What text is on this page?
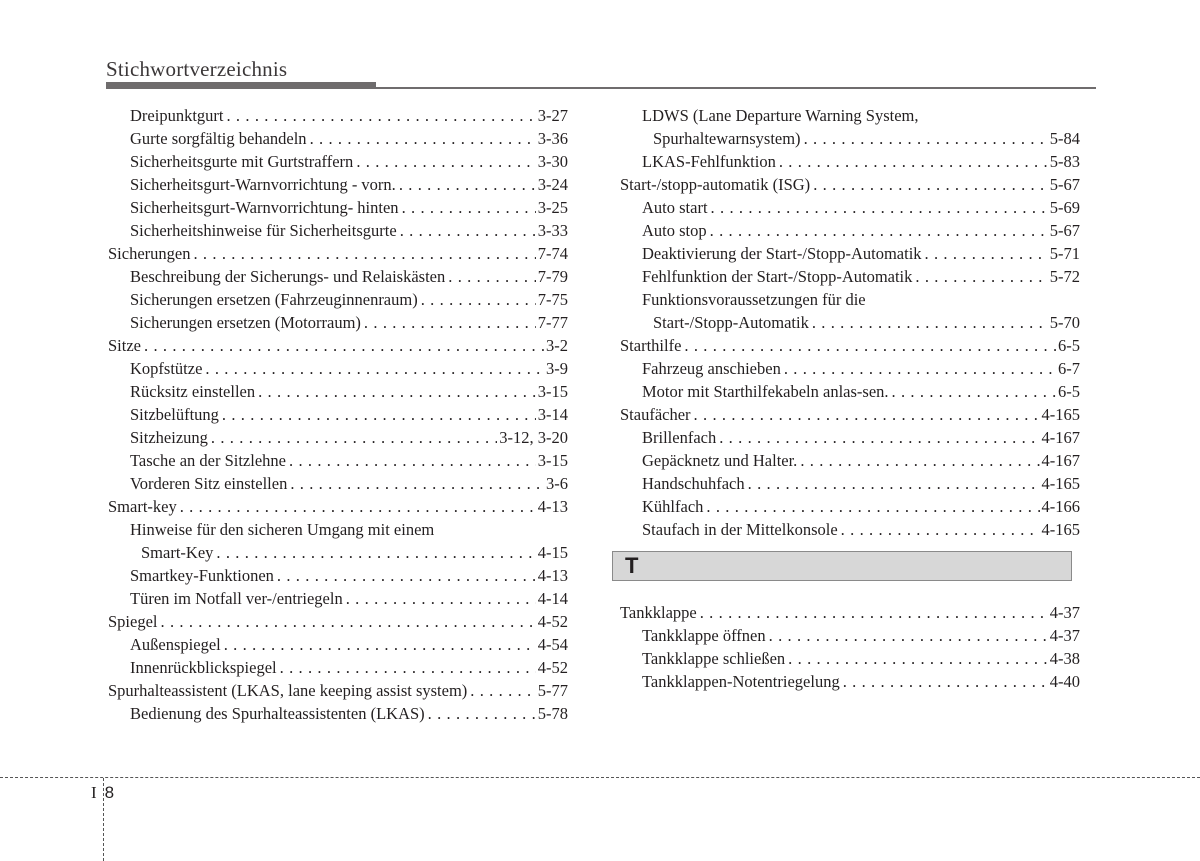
Stichwortverzeichnis
Dreipunktgurt . . .	3-27
Gurte sorgfältig behandeln . . .	3-36
Sicherheitsgurte mit Gurtstraffern . . .	3-30
Sicherheitsgurt-Warnvorrichtung - vorn. . . .	3-24
Sicherheitsgurt-Warnvorrichtung- hinten . . .	3-25
Sicherheitshinweise für Sicherheitsgurte . . .	3-33
Sicherungen . . .	7-74
Beschreibung der Sicherungs- und Relaiskästen . . .	7-79
Sicherungen ersetzen (Fahrzeuginnenraum) . . .	7-75
Sicherungen ersetzen (Motorraum) . . .	7-77
Sitze . . .	3-2
Kopfstütze . . .	3-9
Rücksitz einstellen . . .	3-15
Sitzbelüftung . . .	3-14
Sitzheizung . . .	3-12, 3-20
Tasche an der Sitzlehne . . .	3-15
Vorderen Sitz einstellen . . .	3-6
Smart-key . . .	4-13
Hinweise für den sicheren Umgang mit einem
Smart-Key . . .	4-15
Smartkey-Funktionen . . .	4-13
Türen im Notfall ver-/entriegeln . . .	4-14
Spiegel . . .	4-52
Außenspiegel . . .	4-54
Innenrückblickspiegel . . .	4-52
Spurhalteassistent (LKAS, lane keeping assist system) . . .	5-77
Bedienung des Spurhalteassistenten (LKAS) . . .	5-78
LDWS (Lane Departure Warning System,
Spurhaltewarnsystem) . . .	5-84
LKAS-Fehlfunktion . . .	5-83
Start-/stopp-automatik (ISG) . . .	5-67
Auto start . . .	5-69
Auto stop . . .	5-67
Deaktivierung der Start-/Stopp-Automatik . . .	5-71
Fehlfunktion der Start-/Stopp-Automatik . . .	5-72
Funktionsvoraussetzungen für die
Start-/Stopp-Automatik . . .	5-70
Starthilfe . . .	6-5
Fahrzeug anschieben . . .	6-7
Motor mit Starthilfekabeln anlas-sen. . . .	6-5
Staufächer . . .	4-165
Brillenfach . . .	4-167
Gepäcknetz und Halter. . . .	4-167
Handschuhfach . . .	4-165
Kühlfach . . .	4-166
Staufach in der Mittelkonsole . . .	4-165
T
Tankklappe . . .	4-37
Tankklappe öffnen . . .	4-37
Tankklappe schließen . . .	4-38
Tankklappen-Notentriegelung . . .	4-40
I 8
